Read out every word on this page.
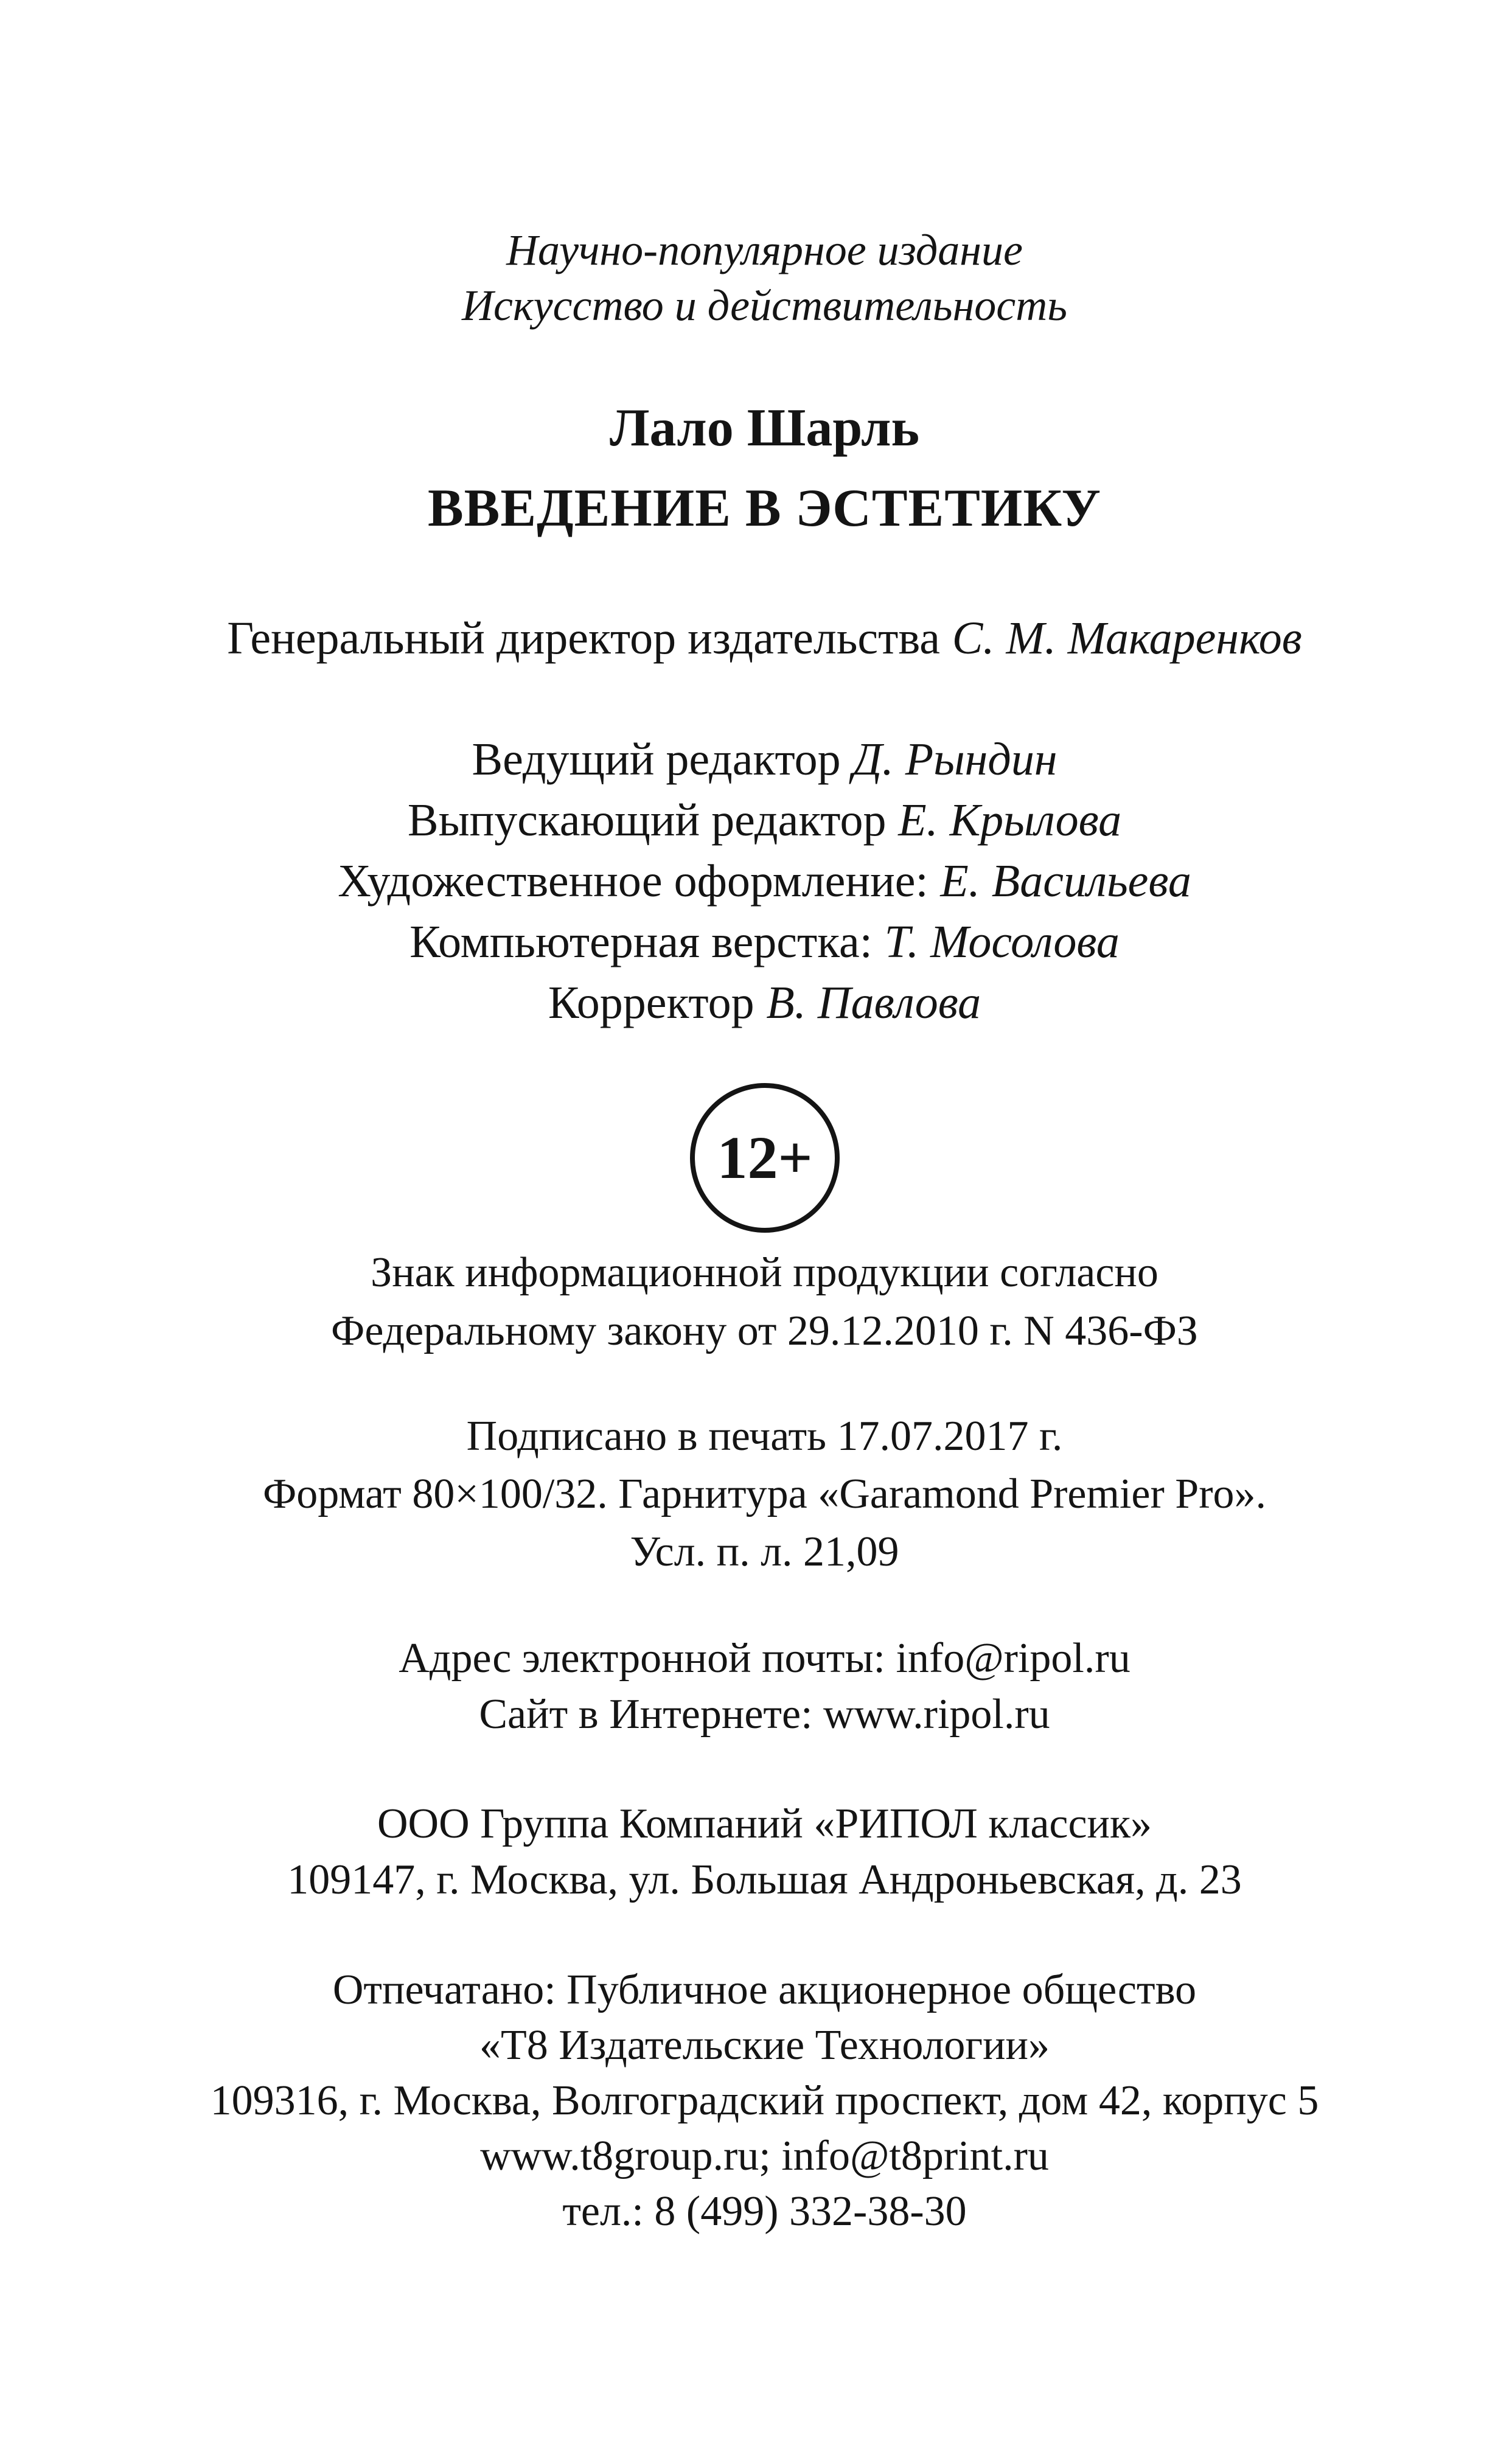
Научно-популярное издание
Искусство и действительность
Лало Шарль
ВВЕДЕНИЕ В ЭСТЕТИКУ
Генеральный директор издательства С. М. Макаренков
Ведущий редактор Д. Рындин
Выпускающий редактор Е. Крылова
Художественное оформление: Е. Васильева
Компьютерная верстка: Т. Мосолова
Корректор В. Павлова
12+
Знак информационной продукции согласно
Федеральному закону от 29.12.2010 г. N 436-ФЗ
Подписано в печать 17.07.2017 г.
Формат 80×100/32. Гарнитура «Garamond Premier Pro».
Усл. п. л. 21,09
Адрес электронной почты: info@ripol.ru
Сайт в Интернете: www.ripol.ru
ООО Группа Компаний «РИПОЛ классик»
109147, г. Москва, ул. Большая Андроньевская, д. 23
Отпечатано: Публичное акционерное общество
«Т8 Издательские Технологии»
109316, г. Москва, Волгоградский проспект, дом 42, корпус 5
www.t8group.ru; info@t8print.ru
тел.: 8 (499) 332-38-30
